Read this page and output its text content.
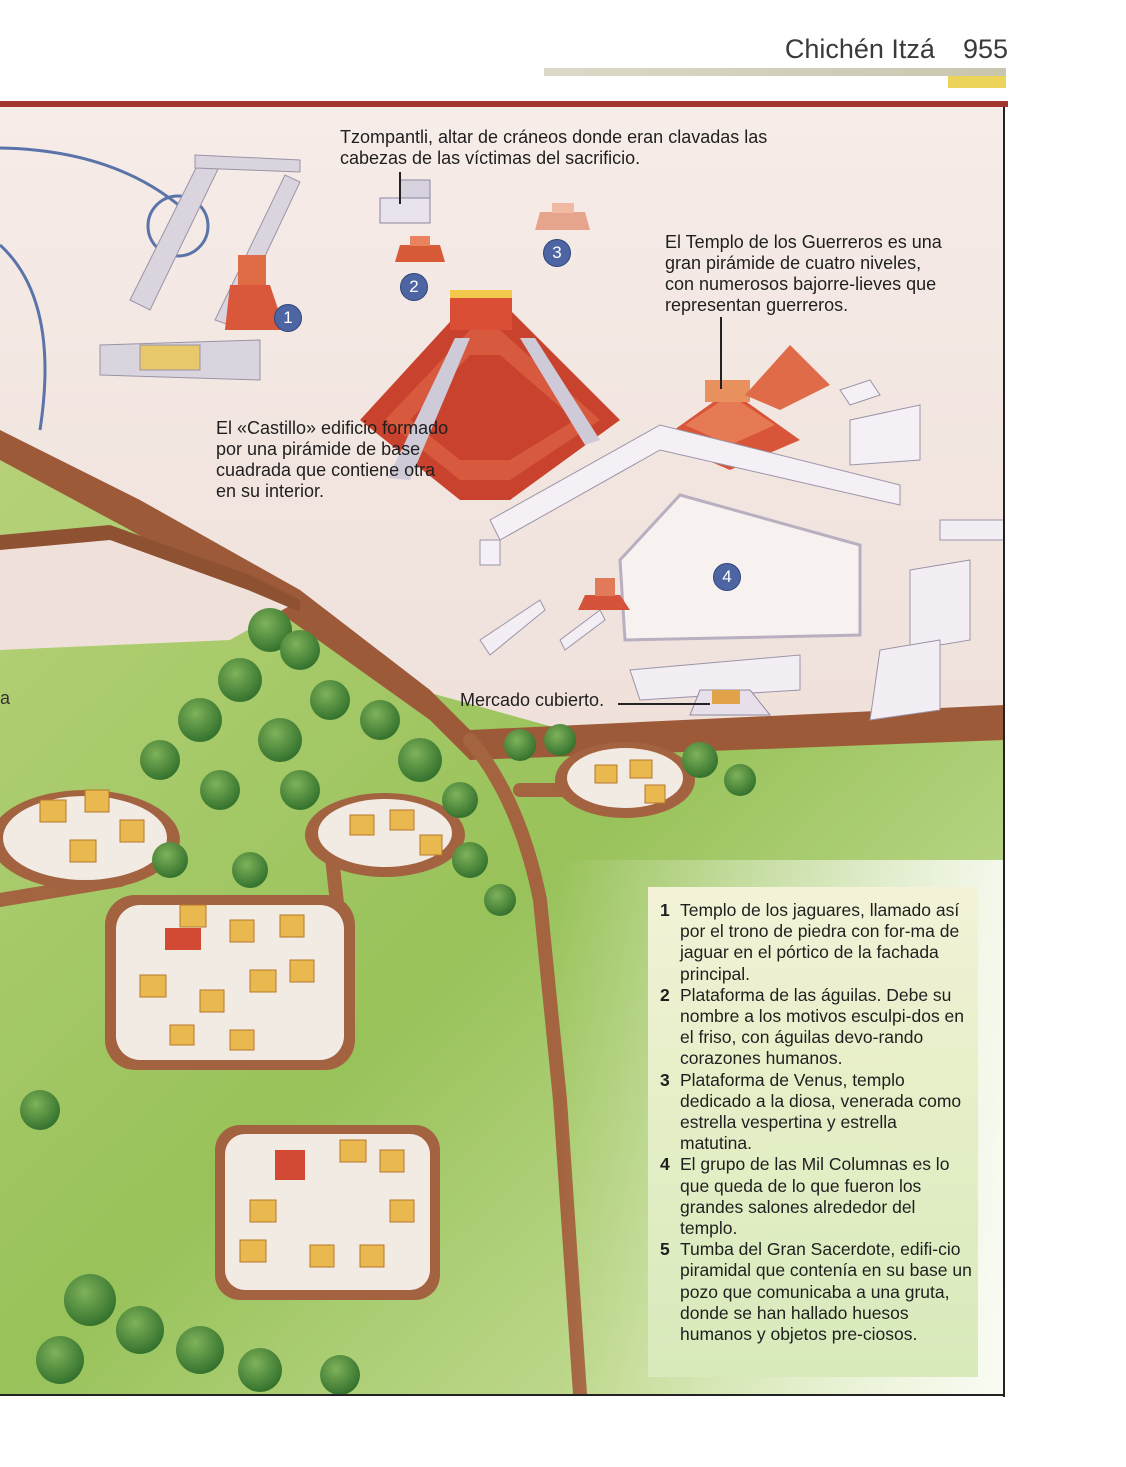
Chichén Itzá 955
Tzompantli, altar de cráneos donde eran clavadas las cabezas de las víctimas del sacrificio.
El Templo de los Guerreros es una gran pirámide de cuatro niveles, con numerosos bajorre-lieves que representan guerreros.
El «Castillo» edificio formado por una pirámide de base cuadrada que contiene otra en su interior.
Mercado cubierto.
1
2
3
4
a
1 Templo de los jaguares, llamado así por el trono de piedra con for-ma de jaguar en el pórtico de la fachada principal.
2 Plataforma de las águilas. Debe su nombre a los motivos esculpi-dos en el friso, con águilas devo-rando corazones humanos.
3 Plataforma de Venus, templo dedicado a la diosa, venerada como estrella vespertina y estrella matutina.
4 El grupo de las Mil Columnas es lo que queda de lo que fueron los grandes salones alrededor del templo.
5 Tumba del Gran Sacerdote, edifi-cio piramidal que contenía en su base un pozo que comunicaba a una gruta, donde se han hallado huesos humanos y objetos pre-ciosos.
